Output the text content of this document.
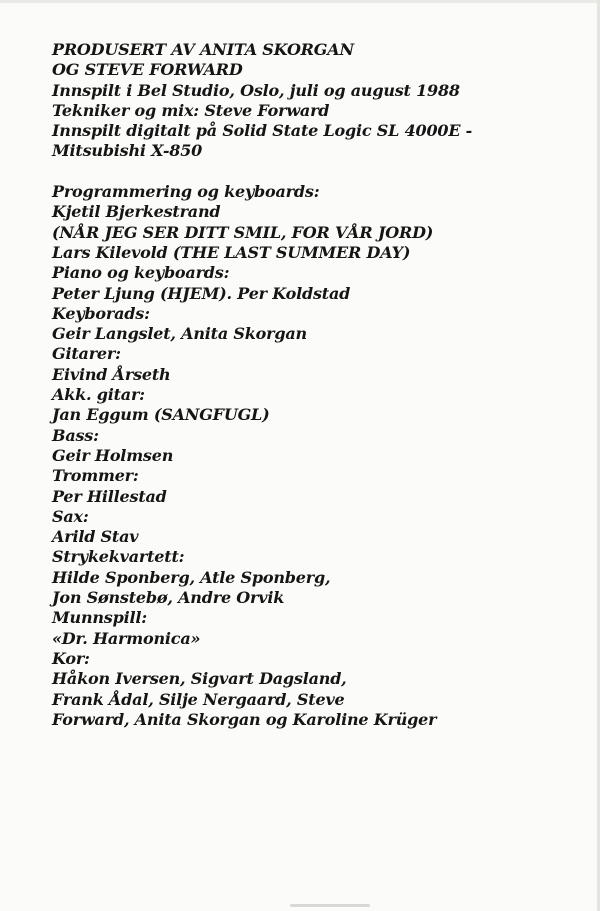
PRODUSERT AV ANITA SKORGAN
OG STEVE FORWARD
Innspilt i Bel Studio, Oslo, juli og august 1988
Tekniker og mix: Steve Forward
Innspilt digitalt på Solid State Logic SL 4000E -
Mitsubishi X-850
Programmering og keyboards:
Kjetil Bjerkestrand
(NÅR JEG SER DITT SMIL, FOR VÅR JORD)
Lars Kilevold (THE LAST SUMMER DAY)
Piano og keyboards:
Peter Ljung (HJEM). Per Koldstad
Keyborads:
Geir Langslet, Anita Skorgan
Gitarer:
Eivind Årseth
Akk. gitar:
Jan Eggum (SANGFUGL)
Bass:
Geir Holmsen
Trommer:
Per Hillestad
Sax:
Arild Stav
Strykekvartett:
Hilde Sponberg, Atle Sponberg,
Jon Sønstebø, Andre Orvik
Munnspill:
«Dr. Harmonica»
Kor:
Håkon Iversen, Sigvart Dagsland,
Frank Ådal, Silje Nergaard, Steve
Forward, Anita Skorgan og Karoline Krüger
